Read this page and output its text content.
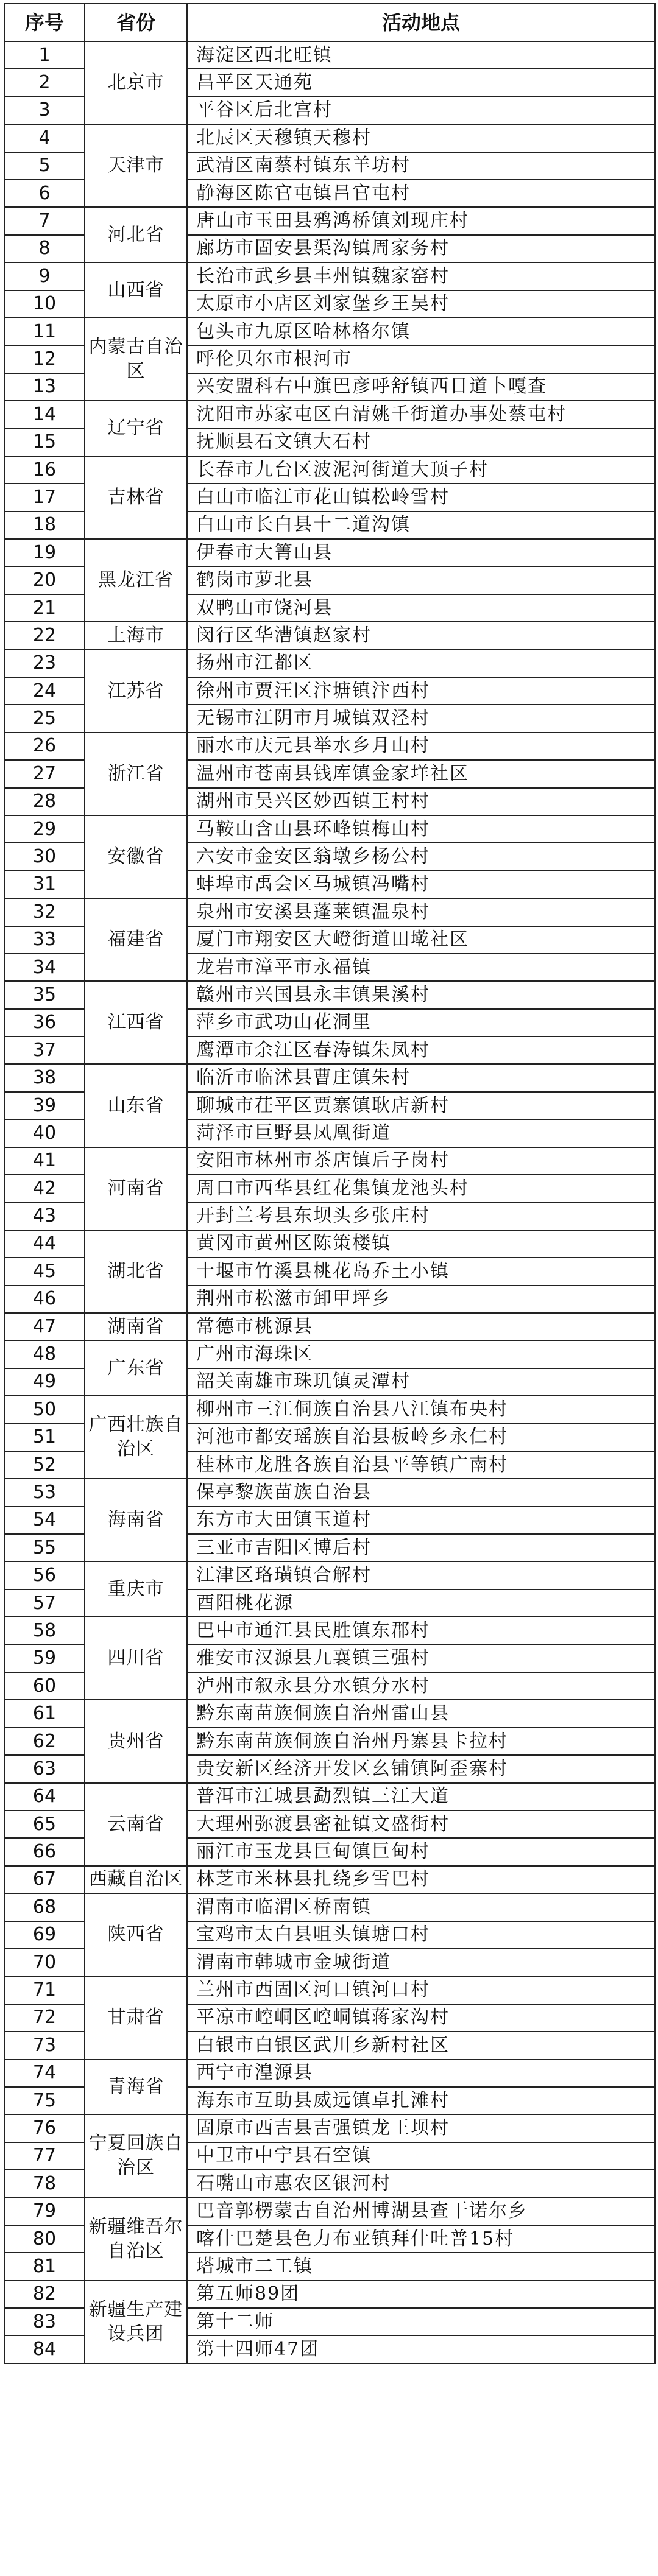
序号	省份	活动地点
1	北京市	海淀区西北旺镇
2		昌平区天通苑
3		平谷区后北宫村
4	天津市	北辰区天穆镇天穆村
5		武清区南蔡村镇东羊坊村
6		静海区陈官屯镇吕官屯村
7	河北省	唐山市玉田县鸦鸿桥镇刘现庄村
8		廊坊市固安县渠沟镇周家务村
9	山西省	长治市武乡县丰州镇魏家窑村
10		太原市小店区刘家堡乡王吴村
11	内蒙古自治区	包头市九原区哈林格尔镇
12		呼伦贝尔市根河市
13		兴安盟科右中旗巴彦呼舒镇西日道卜嘎查
14	辽宁省	沈阳市苏家屯区白清姚千街道办事处蔡屯村
15		抚顺县石文镇大石村
16	吉林省	长春市九台区波泥河街道大顶子村
17		白山市临江市花山镇松岭雪村
18		白山市长白县十二道沟镇
19	黑龙江省	伊春市大箐山县
20		鹤岗市萝北县
21		双鸭山市饶河县
22	上海市	闵行区华漕镇赵家村
23	江苏省	扬州市江都区
24		徐州市贾汪区汴塘镇汴西村
25		无锡市江阴市月城镇双泾村
26	浙江省	丽水市庆元县举水乡月山村
27		温州市苍南县钱库镇金家垟社区
28		湖州市吴兴区妙西镇王村村
29	安徽省	马鞍山含山县环峰镇梅山村
30		六安市金安区翁墩乡杨公村
31		蚌埠市禹会区马城镇冯嘴村
32	福建省	泉州市安溪县蓬莱镇温泉村
33		厦门市翔安区大嶝街道田墘社区
34		龙岩市漳平市永福镇
35	江西省	赣州市兴国县永丰镇果溪村
36		萍乡市武功山花洞里
37		鹰潭市余江区春涛镇朱凤村
38	山东省	临沂市临沭县曹庄镇朱村
39		聊城市茌平区贾寨镇耿店新村
40		菏泽市巨野县凤凰街道
41	河南省	安阳市林州市茶店镇后子岗村
42		周口市西华县红花集镇龙池头村
43		开封兰考县东坝头乡张庄村
44	湖北省	黄冈市黄州区陈策楼镇
45		十堰市竹溪县桃花岛乔土小镇
46		荆州市松滋市卸甲坪乡
47	湖南省	常德市桃源县
48	广东省	广州市海珠区
49		韶关南雄市珠玑镇灵潭村
50	广西壮族自治区	柳州市三江侗族自治县八江镇布央村
51		河池市都安瑶族自治县板岭乡永仁村
52		桂林市龙胜各族自治县平等镇广南村
53	海南省	保亭黎族苗族自治县
54		东方市大田镇玉道村
55		三亚市吉阳区博后村
56	重庆市	江津区珞璜镇合解村
57		酉阳桃花源
58	四川省	巴中市通江县民胜镇东郡村
59		雅安市汉源县九襄镇三强村
60		泸州市叙永县分水镇分水村
61	贵州省	黔东南苗族侗族自治州雷山县
62		黔东南苗族侗族自治州丹寨县卡拉村
63		贵安新区经济开发区幺铺镇阿歪寨村
64	云南省	普洱市江城县勐烈镇三江大道
65		大理州弥渡县密祉镇文盛街村
66		丽江市玉龙县巨甸镇巨甸村
67	西藏自治区	林芝市米林县扎绕乡雪巴村
68	陕西省	渭南市临渭区桥南镇
69		宝鸡市太白县咀头镇塘口村
70		渭南市韩城市金城街道
71	甘肃省	兰州市西固区河口镇河口村
72		平凉市崆峒区崆峒镇蒋家沟村
73		白银市白银区武川乡新村社区
74	青海省	西宁市湟源县
75		海东市互助县威远镇卓扎滩村
76	宁夏回族自治区	固原市西吉县吉强镇龙王坝村
77		中卫市中宁县石空镇
78		石嘴山市惠农区银河村
79	新疆维吾尔自治区	巴音郭楞蒙古自治州博湖县查干诺尔乡
80		喀什巴楚县色力布亚镇拜什吐普15村
81		塔城市二工镇
82	新疆生产建设兵团	第五师89团
83		第十二师
84		第十四师47团
